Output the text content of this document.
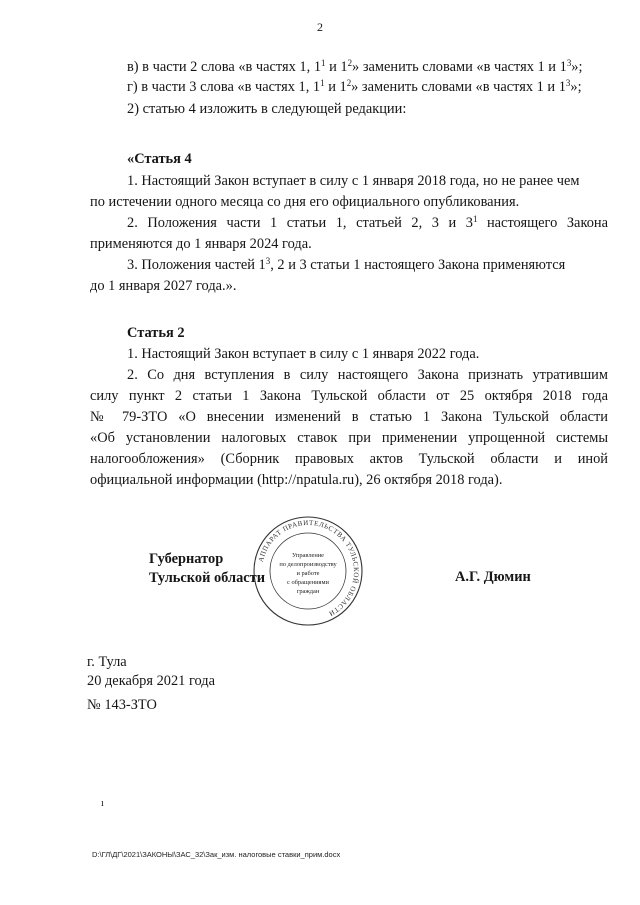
2
в) в части 2 слова «в частях 1, $1^1$ и $1^2$» заменить словами «в частях 1 и $1^3$»;
г) в части 3 слова «в частях 1, $1^1$ и $1^2$» заменить словами «в частях 1 и $1^3$»;
2) статью 4 изложить в следующей редакции:
«Статья 4
1. Настоящий Закон вступает в силу с 1 января 2018 года, но не ранее чем
по истечении одного месяца со дня его официального опубликования.
2. Положения части 1 статьи 1, статьей 2, 3 и $3^1$ настоящего Закона
применяются до 1 января 2024 года.
3. Положения частей $1^3$, 2 и 3 статьи 1 настоящего Закона применяются
до 1 января 2027 года.».
Статья 2
1. Настоящий Закон вступает в силу с 1 января 2022 года.
2. Со дня вступления в силу настоящего Закона признать утратившим
силу пункт 2 статьи 1 Закона Тульской области от 25 октября 2018 года
№ 79-ЗТО «О внесении изменений в статью 1 Закона Тульской области
«Об установлении налоговых ставок при применении упрощенной системы
налогообложения» (Сборник правовых актов Тульской области и иной
официальной информации (http://npatula.ru), 26 октября 2018 года).
АППАРАТ ПРАВИТЕЛЬСТВА ТУЛЬСКОЙ ОБЛАСТИ
Управление
по делопроизводству
и работе
с обращениями
граждан
Губернатор
Тульской области	А.Г. Дюмин
г. Тула
20 декабря 2021 года
№ 143-ЗТО
ı
D:\ГЛ\ДГ\2021\ЗАКОНЫ\ЗАС_32\Зак_изм. налоговые ставки_прим.docx
